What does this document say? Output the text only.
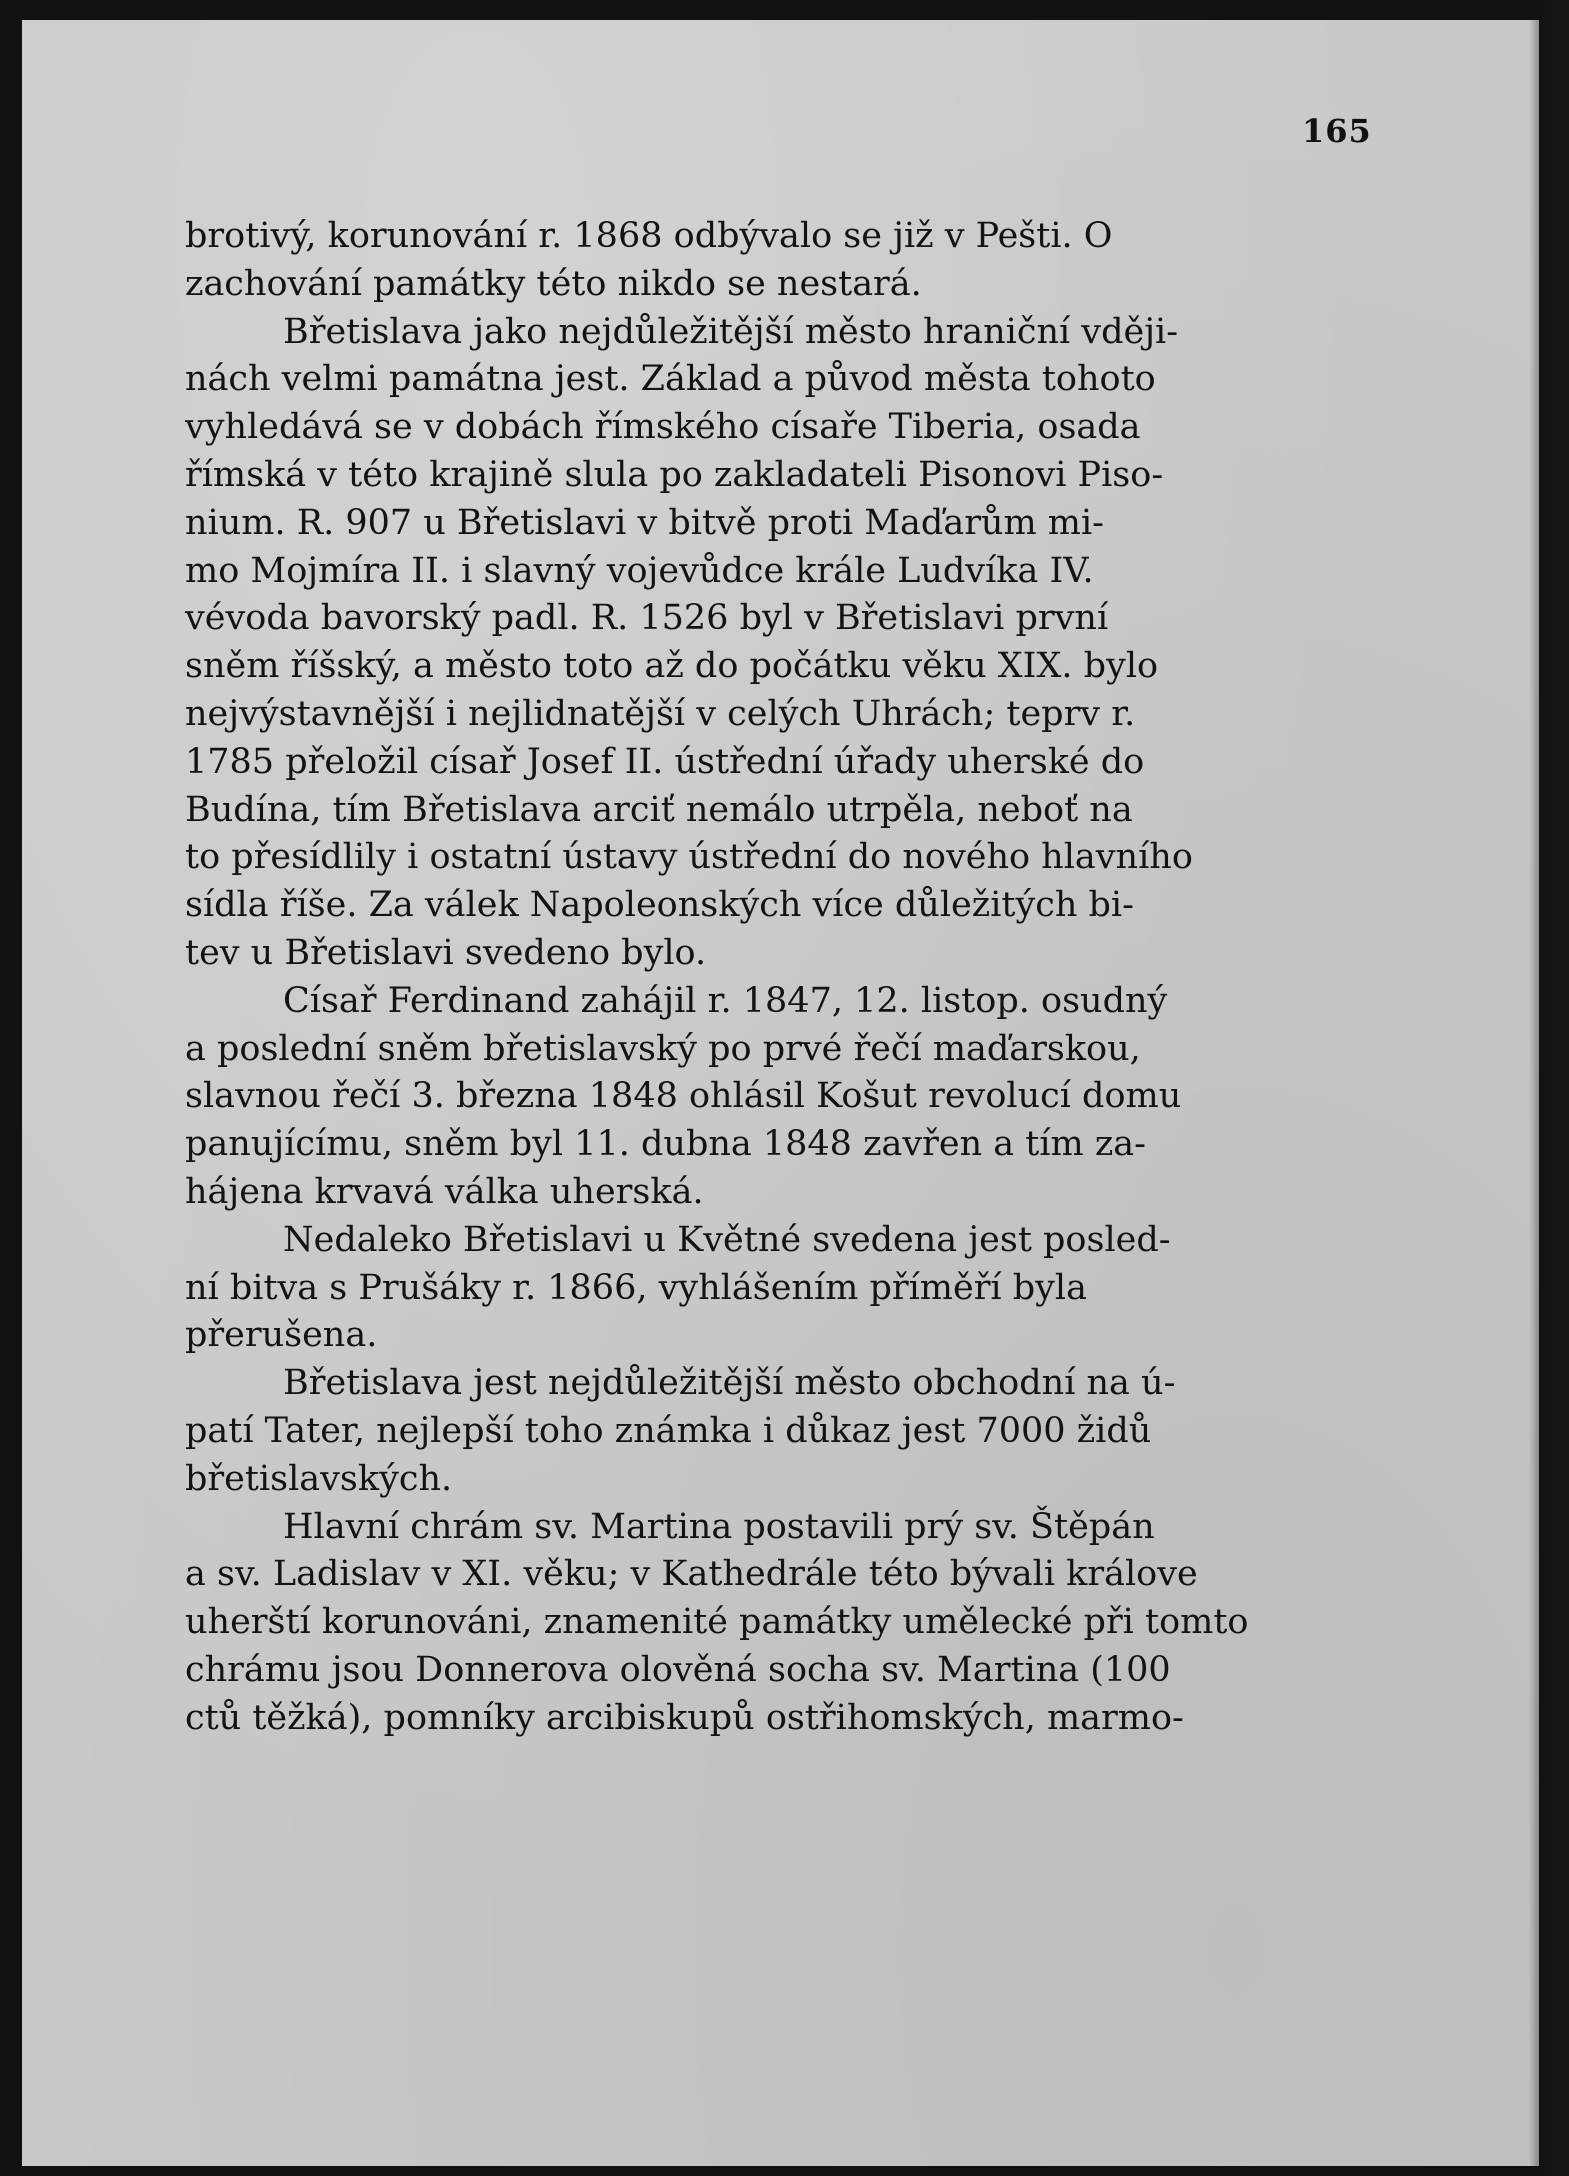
165
brotivý, korunování r. 1868 odbývalo se již v Pešti. O
zachování památky této nikdo se nestará.
Břetislava jako nejdůležitější město hraniční vději-
nách velmi památna jest. Základ a původ města tohoto
vyhledává se v dobách římského císaře Tiberia, osada
římská v této krajině slula po zakladateli Pisonovi Piso-
nium. R. 907 u Břetislavi v bitvě proti Maďarům mi-
mo Mojmíra II. i slavný vojevůdce krále Ludvíka IV.
vévoda bavorský padl. R. 1526 byl v Břetislavi první
sněm říšský, a město toto až do počátku věku XIX. bylo
nejvýstavnější i nejlidnatější v celých Uhrách; teprv r.
1785 přeložil císař Josef II. ústřední úřady uherské do
Budína, tím Břetislava arciť nemálo utrpěla, neboť na
to přesídlily i ostatní ústavy ústřední do nového hlavního
sídla říše. Za válek Napoleonských více důležitých bi-
tev u Břetislavi svedeno bylo.
Císař Ferdinand zahájil r. 1847, 12. listop. osudný
a poslední sněm břetislavský po prvé řečí maďarskou,
slavnou řečí 3. března 1848 ohlásil Košut revolucí domu
panujícímu, sněm byl 11. dubna 1848 zavřen a tím za-
hájena krvavá válka uherská.
Nedaleko Břetislavi u Květné svedena jest posled-
ní bitva s Prušáky r. 1866, vyhlášením příměří byla
přerušena.
Břetislava jest nejdůležitější město obchodní na ú-
patí Tater, nejlepší toho známka i důkaz jest 7000 židů
břetislavských.
Hlavní chrám sv. Martina postavili prý sv. Štěpán
a sv. Ladislav v XI. věku; v Kathedrále této bývali králove
uherští korunováni, znamenité památky umělecké při tomto
chrámu jsou Donnerova olověná socha sv. Martina (100
ctů těžká), pomníky arcibiskupů ostřihomských, marmo-
